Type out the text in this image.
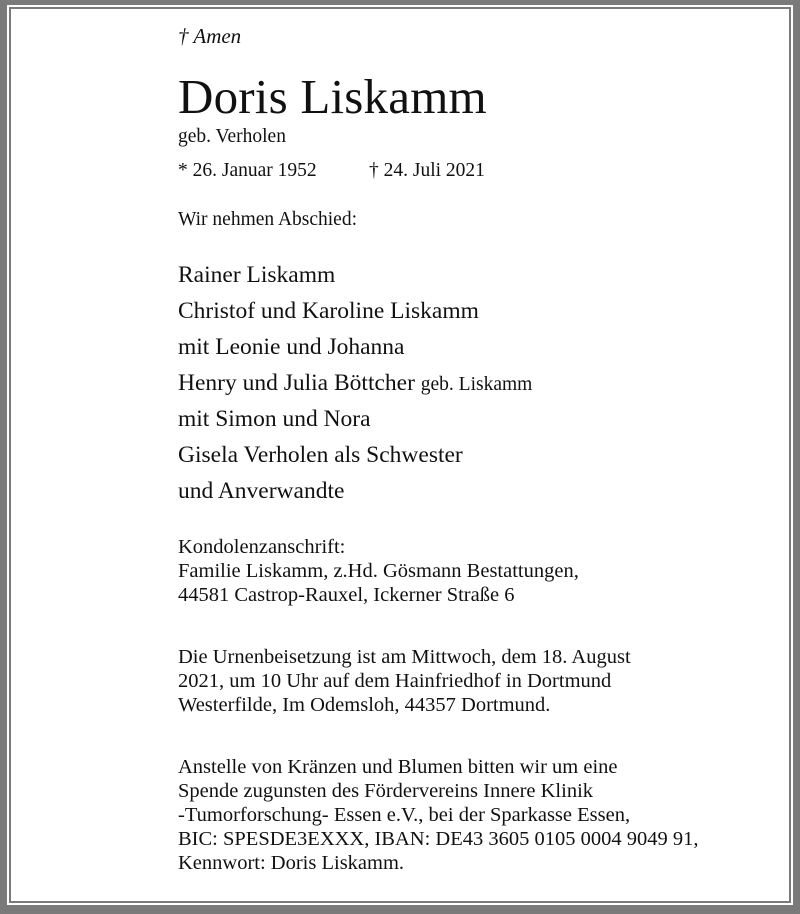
† Amen
Doris Liskamm
geb. Verholen
* 26. Januar 1952	† 24. Juli 2021
Wir nehmen Abschied:
Rainer Liskamm
Christof und Karoline Liskamm
mit Leonie und Johanna
Henry und Julia Böttcher geb. Liskamm
mit Simon und Nora
Gisela Verholen als Schwester
und Anverwandte
Kondolenzanschrift:
Familie Liskamm, z.Hd. Gösmann Bestattungen,
44581 Castrop-Rauxel, Ickerner Straße 6
Die Urnenbeisetzung ist am Mittwoch, dem 18. August
2021, um 10 Uhr auf dem Hainfriedhof in Dortmund
Westerfilde, Im Odemsloh, 44357 Dortmund.
Anstelle von Kränzen und Blumen bitten wir um eine
Spende zugunsten des Fördervereins Innere Klinik
-Tumorforschung- Essen e.V., bei der Sparkasse Essen,
BIC: SPESDE3EXXX, IBAN: DE43 3605 0105 0004 9049 91,
Kennwort: Doris Liskamm.
